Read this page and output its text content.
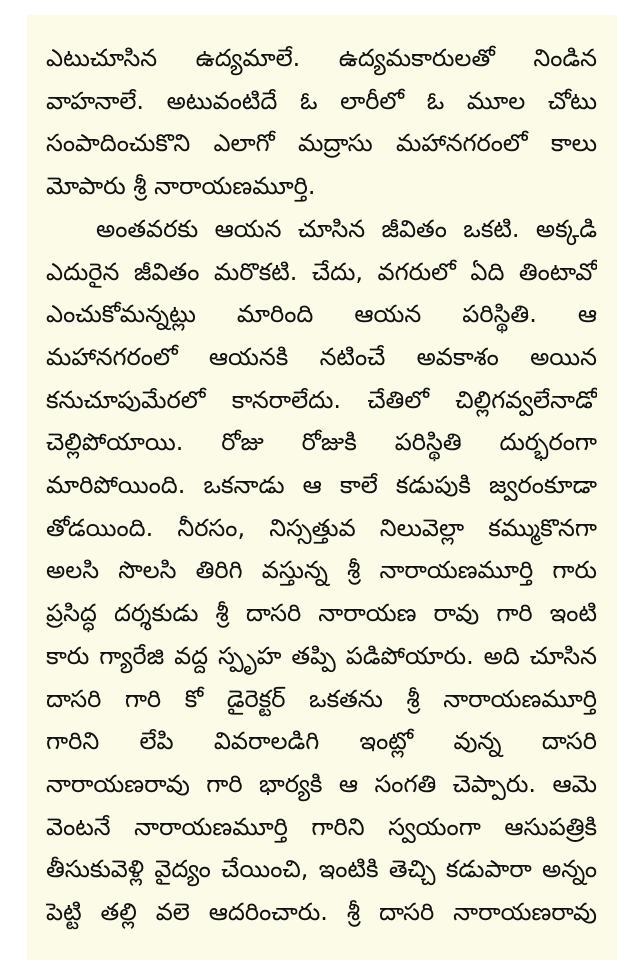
ఎటుచూసిన ఉద్యమాలే. ఉద్యమకారులతో నిండిన
వాహనాలే. అటువంటిదే ఓ లారీలో ఓ మూల చోటు
సంపాదించుకొని ఎలాగో మద్రాసు మహానగరంలో కాలు
మోపారు శ్రీ నారాయణమూర్తి.

అంతవరకు ఆయన చూసిన జీవితం ఒకటి. అక్కడి
ఎదురైన జీవితం మరొకటి. చేదు, వగరులో ఏది తింటావో
ఎంచుకోమన్నట్లు మారింది ఆయన పరిస్థితి. ఆ
మహానగరంలో ఆయనకి నటించే అవకాశం అయిన
కనుచూపుమేరలో కానరాలేదు. చేతిలో చిల్లిగవ్వలేనాడో
చెల్లిపోయాయి. రోజు రోజుకి పరిస్థితి దుర్భరంగా
మారిపోయింది. ఒకనాడు ఆ కాలే కడుపుకి జ్వరంకూడా
తోడయింది. నీరసం, నిస్సత్తువ నిలువెల్లా కమ్ముకొనగా
అలసి సొలసి తిరిగి వస్తున్న శ్రీ నారాయణమూర్తి గారు
ప్రసిద్ధ దర్శకుడు శ్రీ దాసరి నారాయణ రావు గారి ఇంటి
కారు గ్యారేజి వద్ద స్పృహ తప్పి పడిపోయారు. అది చూసిన
దాసరి గారి కో డైరెక్టర్ ఒకతను శ్రీ నారాయణమూర్తి
గారిని లేపి వివరాలడిగి ఇంట్లో వున్న దాసరి
నారాయణరావు గారి భార్యకి ఆ సంగతి చెప్పారు. ఆమె
వెంటనే నారాయణమూర్తి గారిని స్వయంగా ఆసుపత్రికి
తీసుకువెళ్లి వైద్యం చేయించి, ఇంటికి తెచ్చి కడుపారా అన్నం
పెట్టి తల్లి వలె ఆదరించారు. శ్రీ దాసరి నారాయణరావు
